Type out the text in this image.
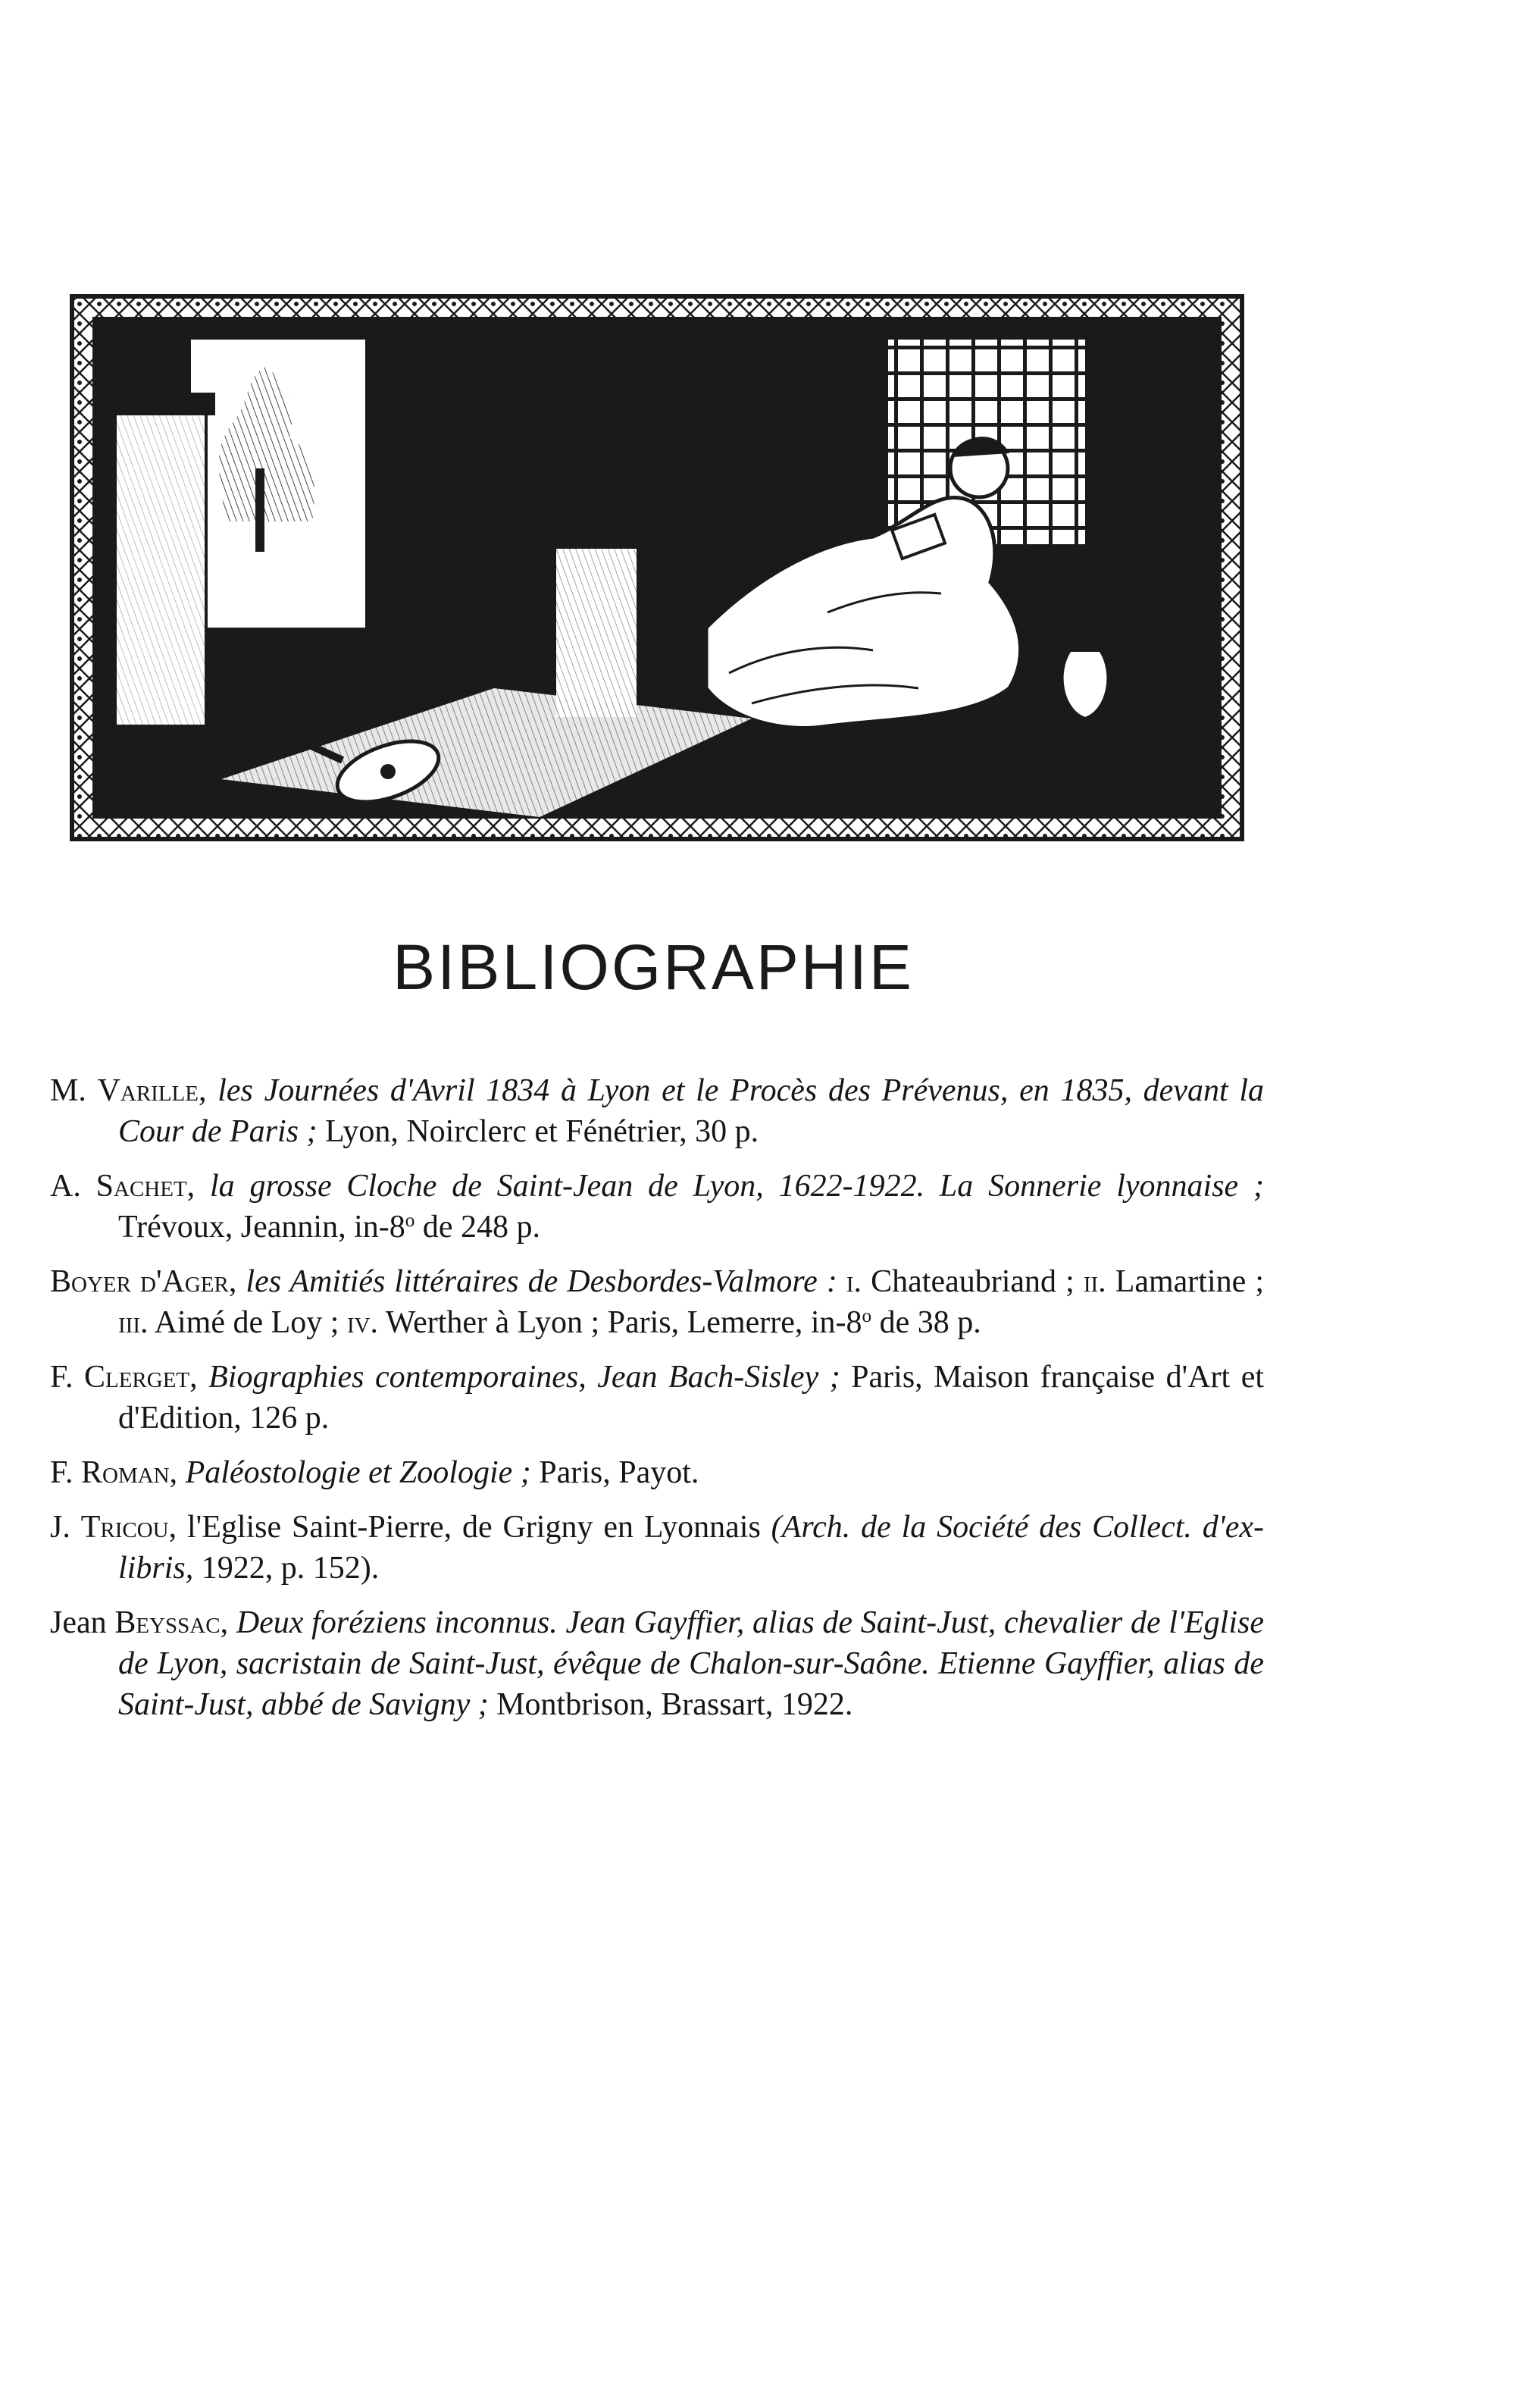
BIBLIOGRAPHIE
M. Varille, les Journées d'Avril 1834 à Lyon et le Procès des Prévenus, en 1835, devant la Cour de Paris ; Lyon, Noirclerc et Fénétrier, 30 p.
A. Sachet, la grosse Cloche de Saint-Jean de Lyon, 1622-1922. La Sonnerie lyonnaise ; Trévoux, Jeannin, in-8$^o$ de 248 p.
Boyer d'Ager, les Amitiés littéraires de Desbordes-Valmore : i. Chateaubriand ; ii. Lamartine ; iii. Aimé de Loy ; iv. Werther à Lyon ; Paris, Lemerre, in-8$^o$ de 38 p.
F. Clerget, Biographies contemporaines, Jean Bach-Sisley ; Paris, Maison française d'Art et d'Edition, 126 p.
F. Roman, Paléostologie et Zoologie ; Paris, Payot.
J. Tricou, l'Eglise Saint-Pierre, de Grigny en Lyonnais (Arch. de la Société des Collect. d'ex-libris, 1922, p. 152).
Jean Beyssac, Deux foréziens inconnus. Jean Gayffier, alias de Saint-Just, chevalier de l'Eglise de Lyon, sacristain de Saint-Just, évêque de Chalon-sur-Saône. Etienne Gayffier, alias de Saint-Just, abbé de Savigny ; Montbrison, Brassart, 1922.
